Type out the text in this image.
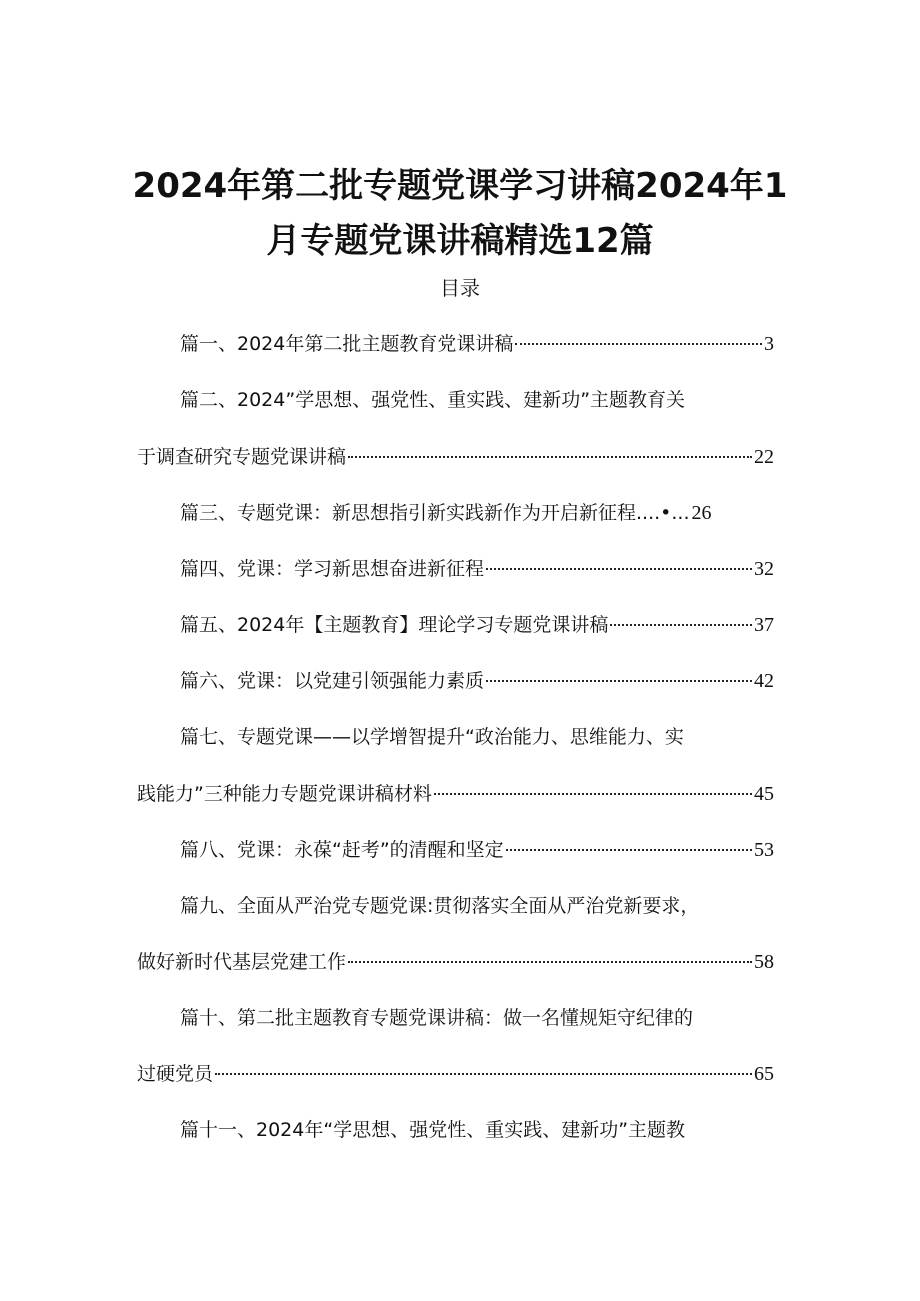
2024年第二批专题党课学习讲稿2024年1
月专题党课讲稿精选12篇
目录
篇一、2024年第二批主题教育党课讲稿	3
篇二、2024”学思想、强党性、重实践、建新功”主题教育关
于调查研究专题党课讲稿	22
篇三、专题党课：新思想指引新实践新作为开启新征程....•... 26
篇四、党课：学习新思想奋进新征程	32
篇五、2024年【主题教育】理论学习专题党课讲稿	37
篇六、党课：以党建引领强能力素质	42
篇七、专题党课——以学增智提升“政治能力、思维能力、实
践能力”三种能力专题党课讲稿材料	45
篇八、党课：永葆“赶考”的清醒和坚定	53
篇九、全面从严治党专题党课:贯彻落实全面从严治党新要求，
做好新时代基层党建工作	58
篇十、第二批主题教育专题党课讲稿：做一名懂规矩守纪律的
过硬党员	65
篇十一、2024年“学思想、强党性、重实践、建新功”主题教
